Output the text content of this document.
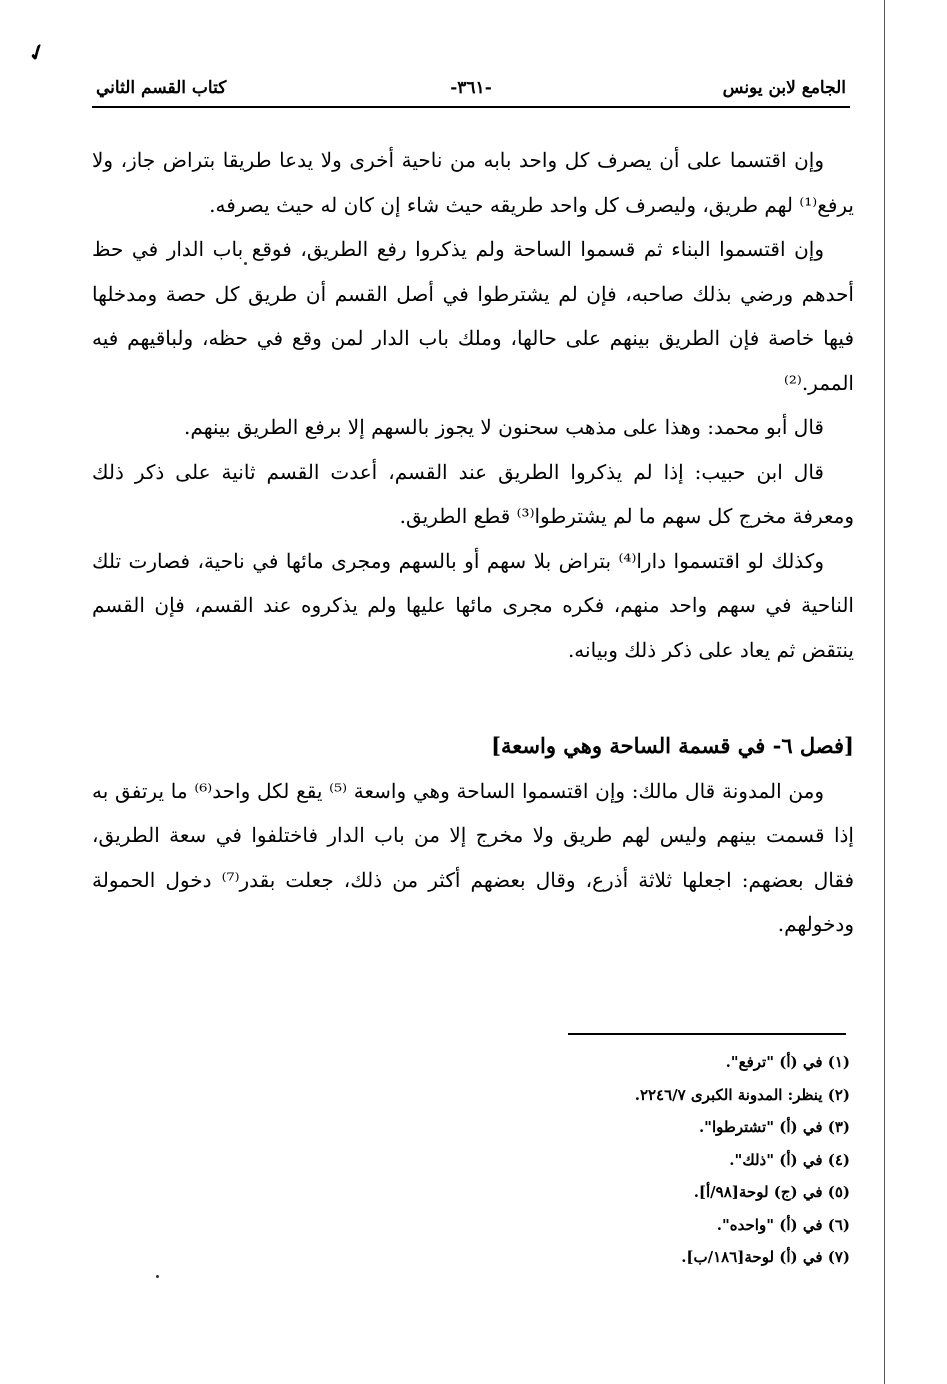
✓
الجامع لابن يونس
-٣٦١-
كتاب القسم الثاني

وإن اقتسما على أن يصرف كل واحد بابه من ناحية أخرى ولا يدعا طريقا بتراض جاز، ولا يرفع⁽¹⁾ لهم طريق، وليصرف كل واحد طريقه حيث شاء إن كان له حيث يصرفه.

وإن اقتسموا البناء ثم قسموا الساحة ولم يذكروا رفع الطريق، فوقع باب الدار في حظ أحدهم ورضي بذلك صاحبه، فإن لم يشترطوا في أصل القسم أن طريق كل حصة ومدخلها فيها خاصة فإن الطريق بينهم على حالها، وملك باب الدار لمن وقع في حظه، ولباقيهم فيه الممر.⁽²⁾

قال أبو محمد: وهذا على مذهب سحنون لا يجوز بالسهم إلا برفع الطريق بينهم.

قال ابن حبيب: إذا لم يذكروا الطريق عند القسم، أعدت القسم ثانية على ذكر ذلك ومعرفة مخرج كل سهم ما لم يشترطوا⁽³⁾ قطع الطريق.

وكذلك لو اقتسموا دارا⁽⁴⁾ بتراض بلا سهم أو بالسهم ومجرى مائها في ناحية، فصارت تلك الناحية في سهم واحد منهم، فكره مجرى مائها عليها ولم يذكروه عند القسم، فإن القسم ينتقض ثم يعاد على ذكر ذلك وبيانه.

[فصل ٦- في قسمة الساحة وهي واسعة]

ومن المدونة قال مالك: وإن اقتسموا الساحة وهي واسعة ⁽⁵⁾ يقع لكل واحد⁽⁶⁾ ما يرتفق به إذا قسمت بينهم وليس لهم طريق ولا مخرج إلا من باب الدار فاختلفوا في سعة الطريق، فقال بعضهم: اجعلها ثلاثة أذرع، وقال بعضهم أكثر من ذلك، جعلت بقدر⁽⁷⁾ دخول الحمولة ودخولهم.

(١) في (أ) "ترفع".
(٢) ينظر: المدونة الكبرى ٢٢٤٦/٧.
(٣) في (أ) "تشترطوا".
(٤) في (أ) "ذلك".
(٥) في (ج) لوحة[٩٨/أ].
(٦) في (أ) "واحده".
(٧) في (أ) لوحة[١٨٦/ب].
